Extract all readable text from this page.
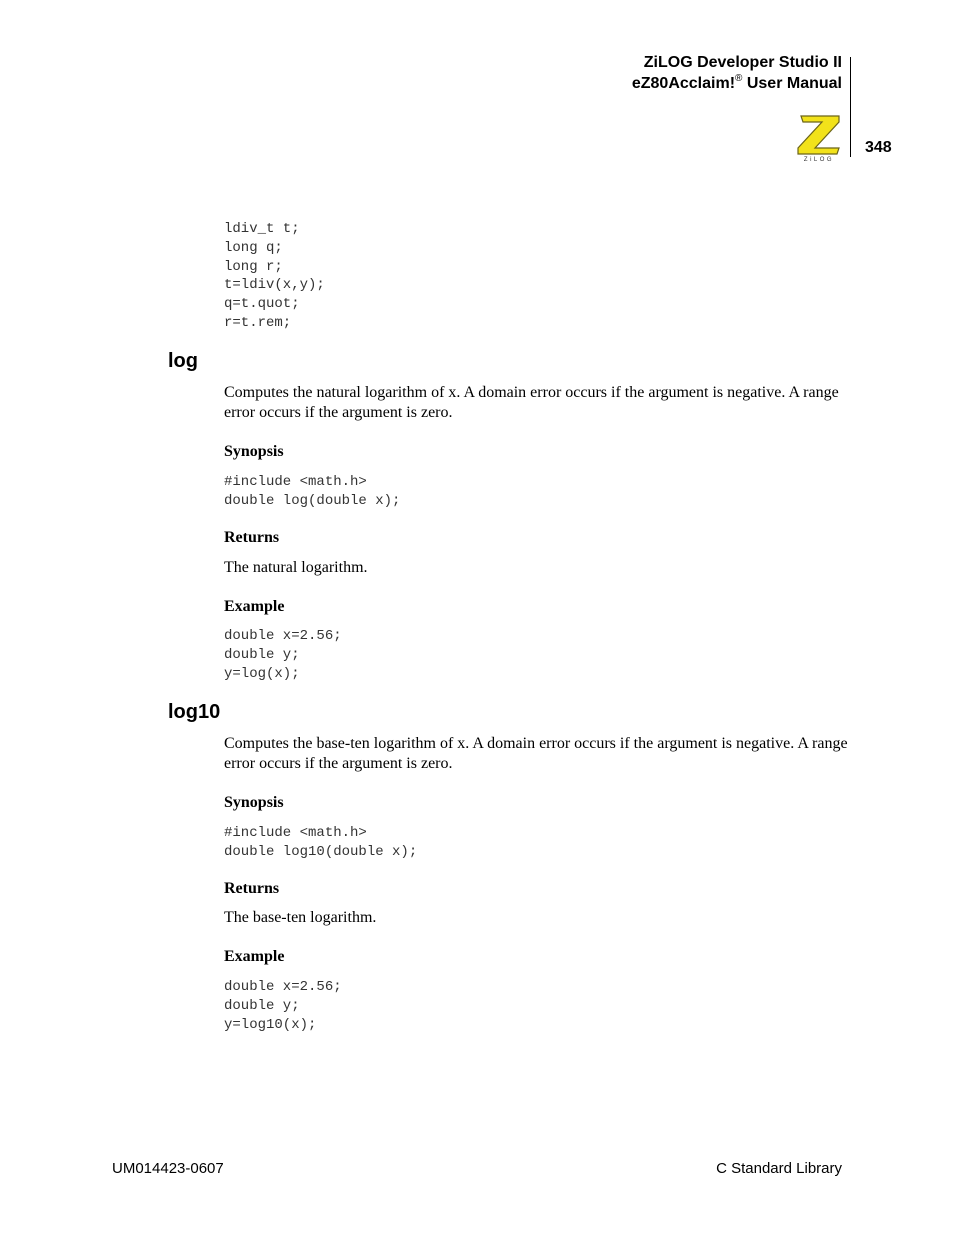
ZiLOG Developer Studio II
eZ80Acclaim!® User Manual
ZiLOG
348
ldiv_t t;
long q;
long r;
t=ldiv(x,y);
q=t.quot;
r=t.rem;
log
Computes the natural logarithm of x. A domain error occurs if the argument is negative. A range error occurs if the argument is zero.
Synopsis
#include <math.h>
double log(double x);
Returns
The natural logarithm.
Example
double x=2.56;
double y;
y=log(x);
log10
Computes the base-ten logarithm of x. A domain error occurs if the argument is negative. A range error occurs if the argument is zero.
Synopsis
#include <math.h>
double log10(double x);
Returns
The base-ten logarithm.
Example
double x=2.56;
double y;
y=log10(x);
UM014423-0607	C Standard Library
